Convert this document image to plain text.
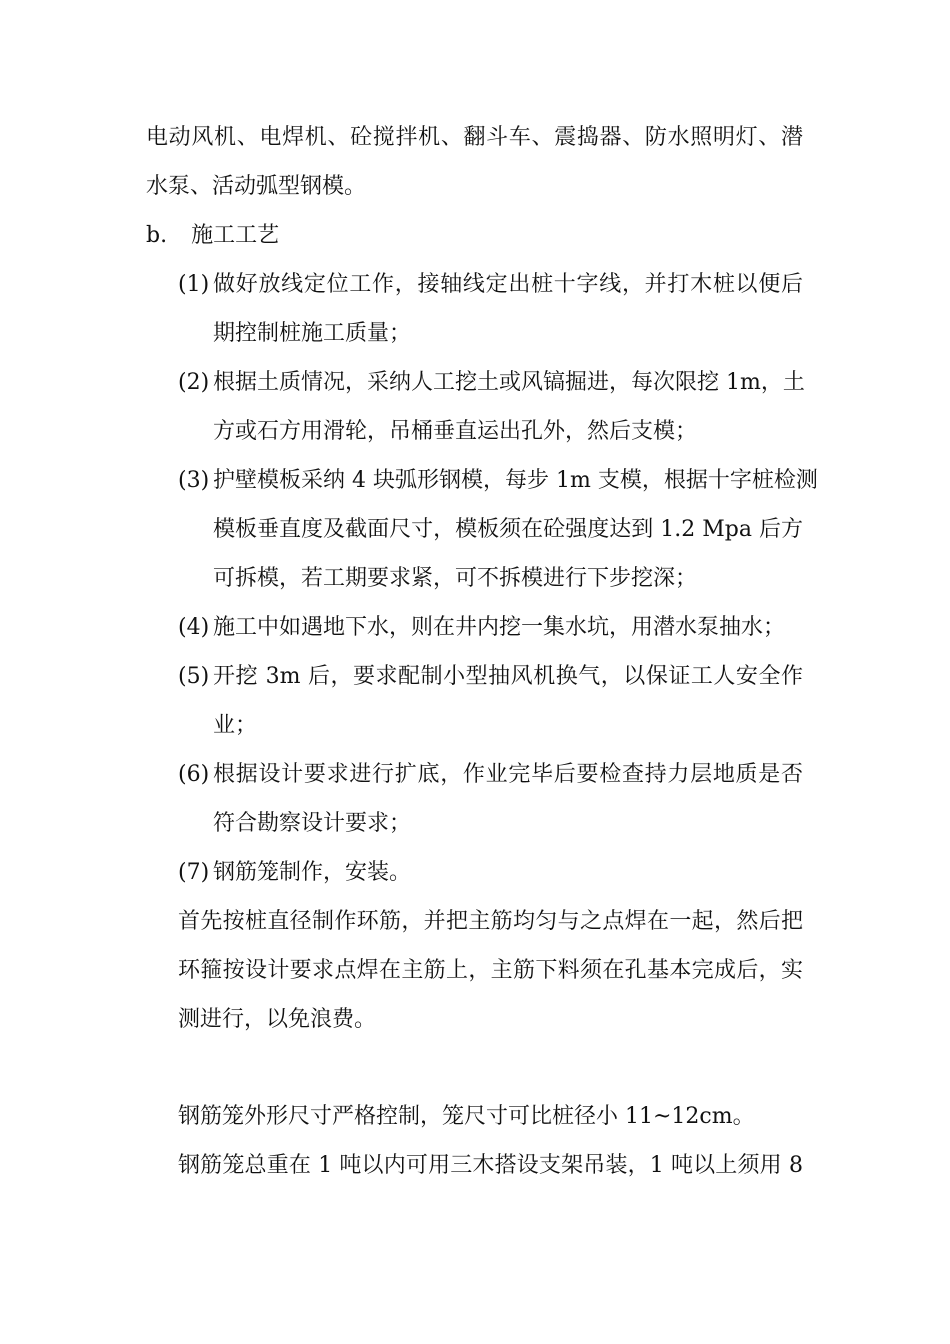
电动风机、电焊机、砼搅拌机、翻斗车、震捣器、防水照明灯、潜
水泵、活动弧型钢模。
b. 施工工艺
(1) 做好放线定位工作，接轴线定出桩十字线，并打木桩以便后
期控制桩施工质量；
(2) 根据土质情况，采纳人工挖土或风镐掘进，每次限挖 1m，土
方或石方用滑轮，吊桶垂直运出孔外，然后支模；
(3) 护壁模板采纳 4 块弧形钢模，每步 1m 支模，根据十字桩检测
模板垂直度及截面尺寸，模板须在砼强度达到 1.2 Mpa 后方
可拆模，若工期要求紧，可不拆模进行下步挖深；
(4) 施工中如遇地下水，则在井内挖一集水坑，用潜水泵抽水；
(5) 开挖 3m 后，要求配制小型抽风机换气，以保证工人安全作
业；
(6) 根据设计要求进行扩底，作业完毕后要检查持力层地质是否
符合勘察设计要求；
(7) 钢筋笼制作，安装。
首先按桩直径制作环筋，并把主筋均匀与之点焊在一起，然后把
环箍按设计要求点焊在主筋上，主筋下料须在孔基本完成后，实
测进行，以免浪费。
钢筋笼外形尺寸严格控制，笼尺寸可比桩径小 11~12cm。
钢筋笼总重在 1 吨以内可用三木搭设支架吊装，1 吨以上须用 8
